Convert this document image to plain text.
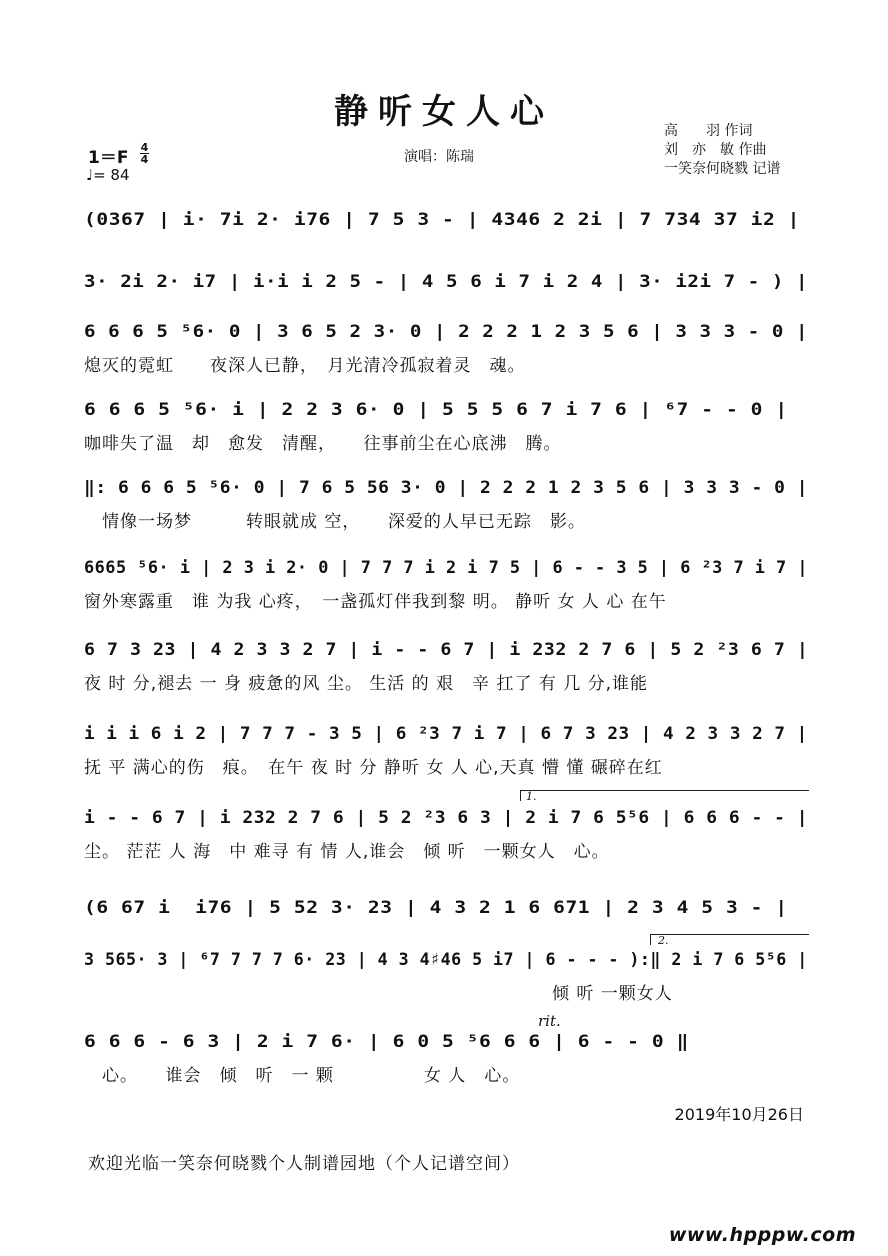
静听女人心
1＝F
4
4
♩= 84
演唱：陈瑞
高　　羽 作词
刘　亦　敏 作曲
一笑奈何晓戮 记谱
(0367 | i· 7i 2· i76 | 7 5 3 - | 4346 2 2i | 7 734 37 i2 |
3· 2i 2· i7 | i·i i 2 5 - | 4 5 6 i 7 i 2 4 | 3· i2i 7 - ) |
6 6 6 5 ⁵6· 0 | 3 6 5 2 3· 0 | 2 2 2 1 2 3 5 6 | 3 3 3 - 0 |
熄灭的霓虹　　夜深人已静，　月光清冷孤寂着灵　魂。
6 6 6 5 ⁵6· i | 2 2 3 6· 0 | 5 5 5 6 7 i 7 6 | ⁶7 - - 0 |
咖啡失了温　却　愈发　清醒，　　往事前尘在心底沸　腾。
‖: 6 6 6 5 ⁵6· 0 | 7 6 5 56 3· 0 | 2 2 2 1 2 3 5 6 | 3 3 3 - 0 |
　情像一场梦　　　转眼就成 空，　　深爱的人早已无踪　影。
6665 ⁵6· i | 2 3 i 2· 0 | 7 7 7 i 2 i 7 5 | 6 - - 3 5 | 6 ²3 7 i 7 |
窗外寒露重　谁 为我 心疼，　一盏孤灯伴我到黎 明。 静听 女 人 心 在午
6 7 3 23 | 4 2 3 3 2 7 | i - - 6 7 | i 232 2 7 6 | 5 2 ²3 6 7 |
夜 时 分,褪去 一 身 疲惫的风 尘。 生活 的 艰　辛 扛了 有 几 分,谁能
i i i 6 i 2 | 7 7 7 - 3 5 | 6 ²3 7 i 7 | 6 7 3 23 | 4 2 3 3 2 7 |
抚 平 满心的伤　痕。　在午 夜 时 分 静听 女 人 心,天真 懵 懂 碾碎在红
1.
i - - 6 7 | i 232 2 7 6 | 5 2 ²3 6 3 | 2 i 7 6 5⁵6 | 6 6 6 - - |
尘。 茫茫 人 海　中 难寻 有 情 人,谁会　倾 听　一颗女人　心。
(6 67 i  i76 | 5 52 3· 23 | 4 3 2 1 6 671 | 2 3 4 5 3 - |
2.
3 565· 3 | ⁶7 7 7 7 6· 23 | 4 3 4♯46 5 i7 | 6 - - - ):‖ 2 i 7 6 5⁵6 |
　　　　　　　　　　　　　　　　　　　　　　　　　　倾 听 一颗女人
rit.
6 6 6 - 6 3 | 2 i 7 6· | 6 0 5 ⁵6 6 6 | 6 - - 0 ‖
　心。　　谁会　倾　听　一 颗　　　　　女 人　心。
2019年10月26日
欢迎光临一笑奈何晓戮个人制谱园地（个人记谱空间）
www.hpppw.com
